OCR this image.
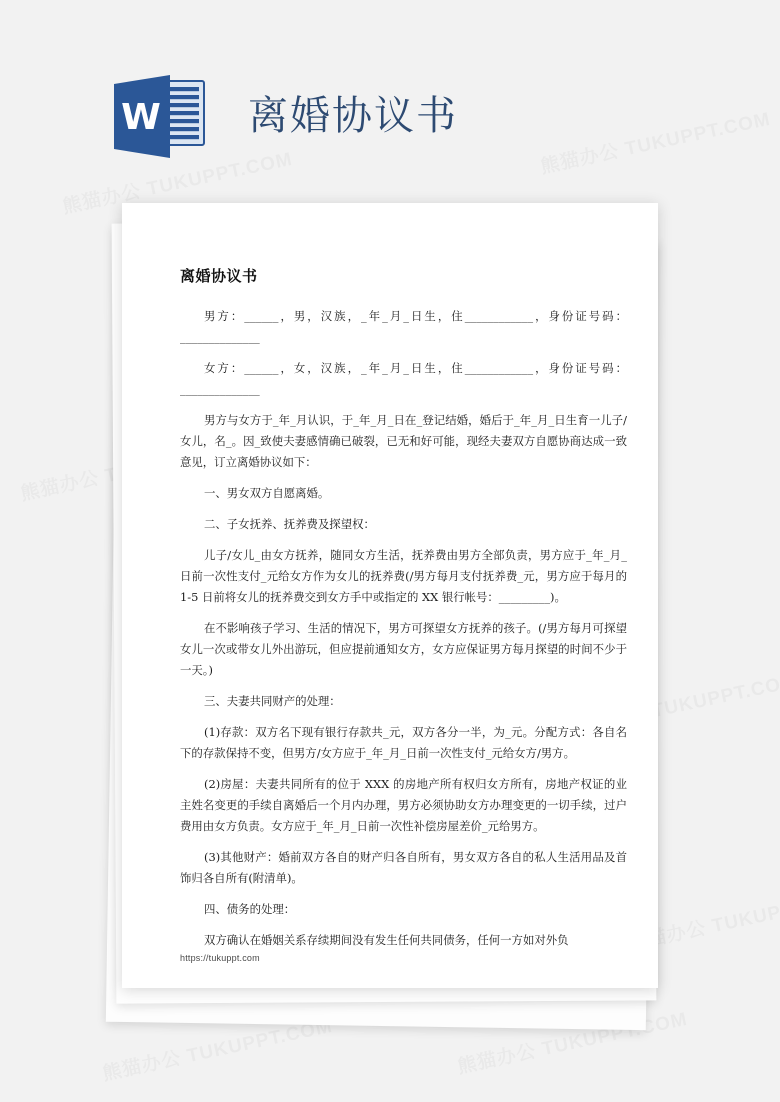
W 离婚协议书
离婚协议书

男方：______，男，汉族，_年_月_日生，住____________，身份证号码：______________

女方：______，女，汉族，_年_月_日生，住____________，身份证号码：______________

男方与女方于_年_月认识，于_年_月_日在_登记结婚，婚后于_年_月_日生育一儿子/女儿，名_。因_致使夫妻感情确已破裂，已无和好可能，现经夫妻双方自愿协商达成一致意见，订立离婚协议如下：

一、男女双方自愿离婚。

二、子女抚养、抚养费及探望权：

儿子/女儿_由女方抚养，随同女方生活，抚养费由男方全部负责，男方应于_年_月_日前一次性支付_元给女方作为女儿的抚养费(/男方每月支付抚养费_元，男方应于每月的 1-5 日前将女儿的抚养费交到女方手中或指定的 XX 银行帐号：_________)。

在不影响孩子学习、生活的情况下，男方可探望女方抚养的孩子。(/男方每月可探望女儿一次或带女儿外出游玩，但应提前通知女方，女方应保证男方每月探望的时间不少于一天。)

三、夫妻共同财产的处理：

(1)存款：双方名下现有银行存款共_元，双方各分一半，为_元。分配方式：各自名下的存款保持不变，但男方/女方应于_年_月_日前一次性支付_元给女方/男方。

(2)房屋：夫妻共同所有的位于 XXX 的房地产所有权归女方所有，房地产权证的业主姓名变更的手续自离婚后一个月内办理，男方必须协助女方办理变更的一切手续，过户费用由女方负责。女方应于_年_月_日前一次性补偿房屋差价_元给男方。

(3)其他财产：婚前双方各自的财产归各自所有，男女双方各自的私人生活用品及首饰归各自所有(附清单)。

四、债务的处理：

双方确认在婚姻关系存续期间没有发生任何共同债务，任何一方如对外负

https://tukuppt.com
